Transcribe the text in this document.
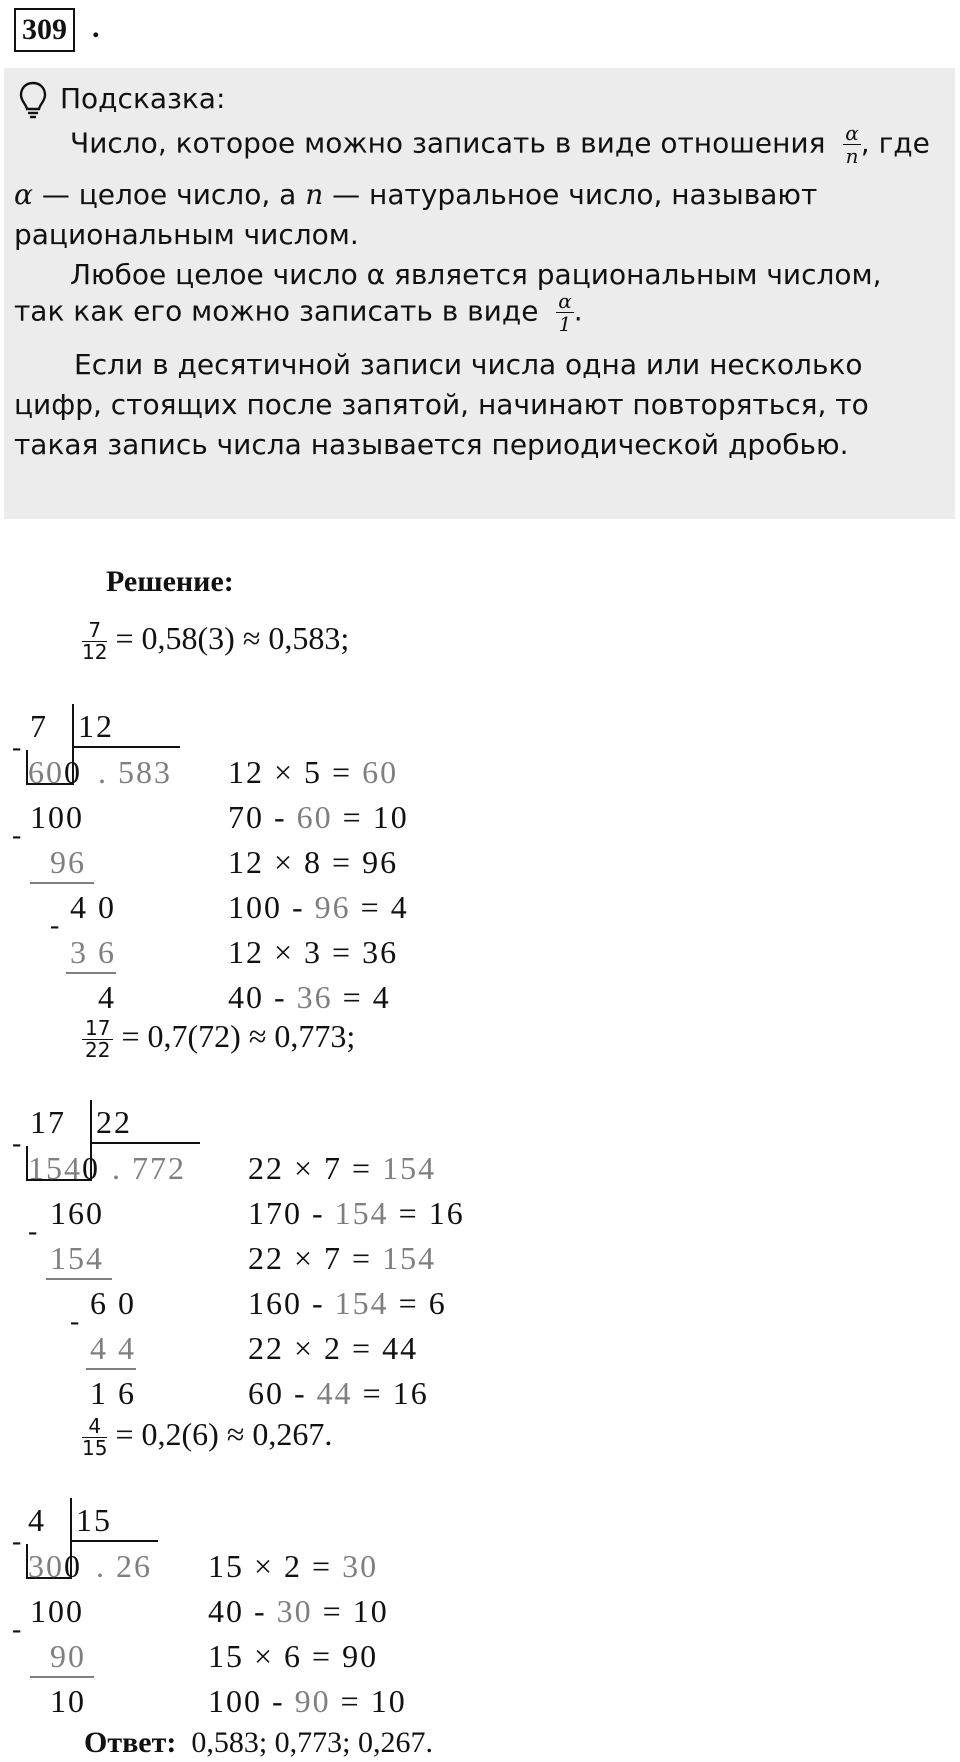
309 .
Подсказка:
Число, которое можно записать в виде отношения $\frac{\alpha}{n}$ , где
α — целое число, а n — натуральное число, называют
рациональным числом.
Любое целое число α является рациональным числом,
так как его можно записать в виде $\frac{\alpha}{1}$ .
Если в десятичной записи числа одна или несколько
цифр, стоящих после запятой, начинают повторяться, то
такая запись числа называется периодической дробью.
Решение:
$\frac{7}{12} = 0,58(3) \approx 0,583$;
7 12
-
600 . 583
100
-
96
4 0
-
3 6
4
12 × 5 = 60
70 - 60 = 10
12 × 8 = 96
100 - 96 = 4
12 × 3 = 36
40 - 36 = 4
$\frac{17}{22} = 0,7(72) \approx 0,773$;
17 22
-
1540 . 772
160
-
154
6 0
-
4 4
1 6
22 × 7 = 154
170 - 154 = 16
22 × 7 = 154
160 - 154 = 6
22 × 2 = 44
60 - 44 = 16
$\frac{4}{15} = 0,2(6) \approx 0,267$.
4 15
-
300 . 26
100
-
90
10
15 × 2 = 30
40 - 30 = 10
15 × 6 = 90
100 - 90 = 10
Ответ: 0,583; 0,773; 0,267.
